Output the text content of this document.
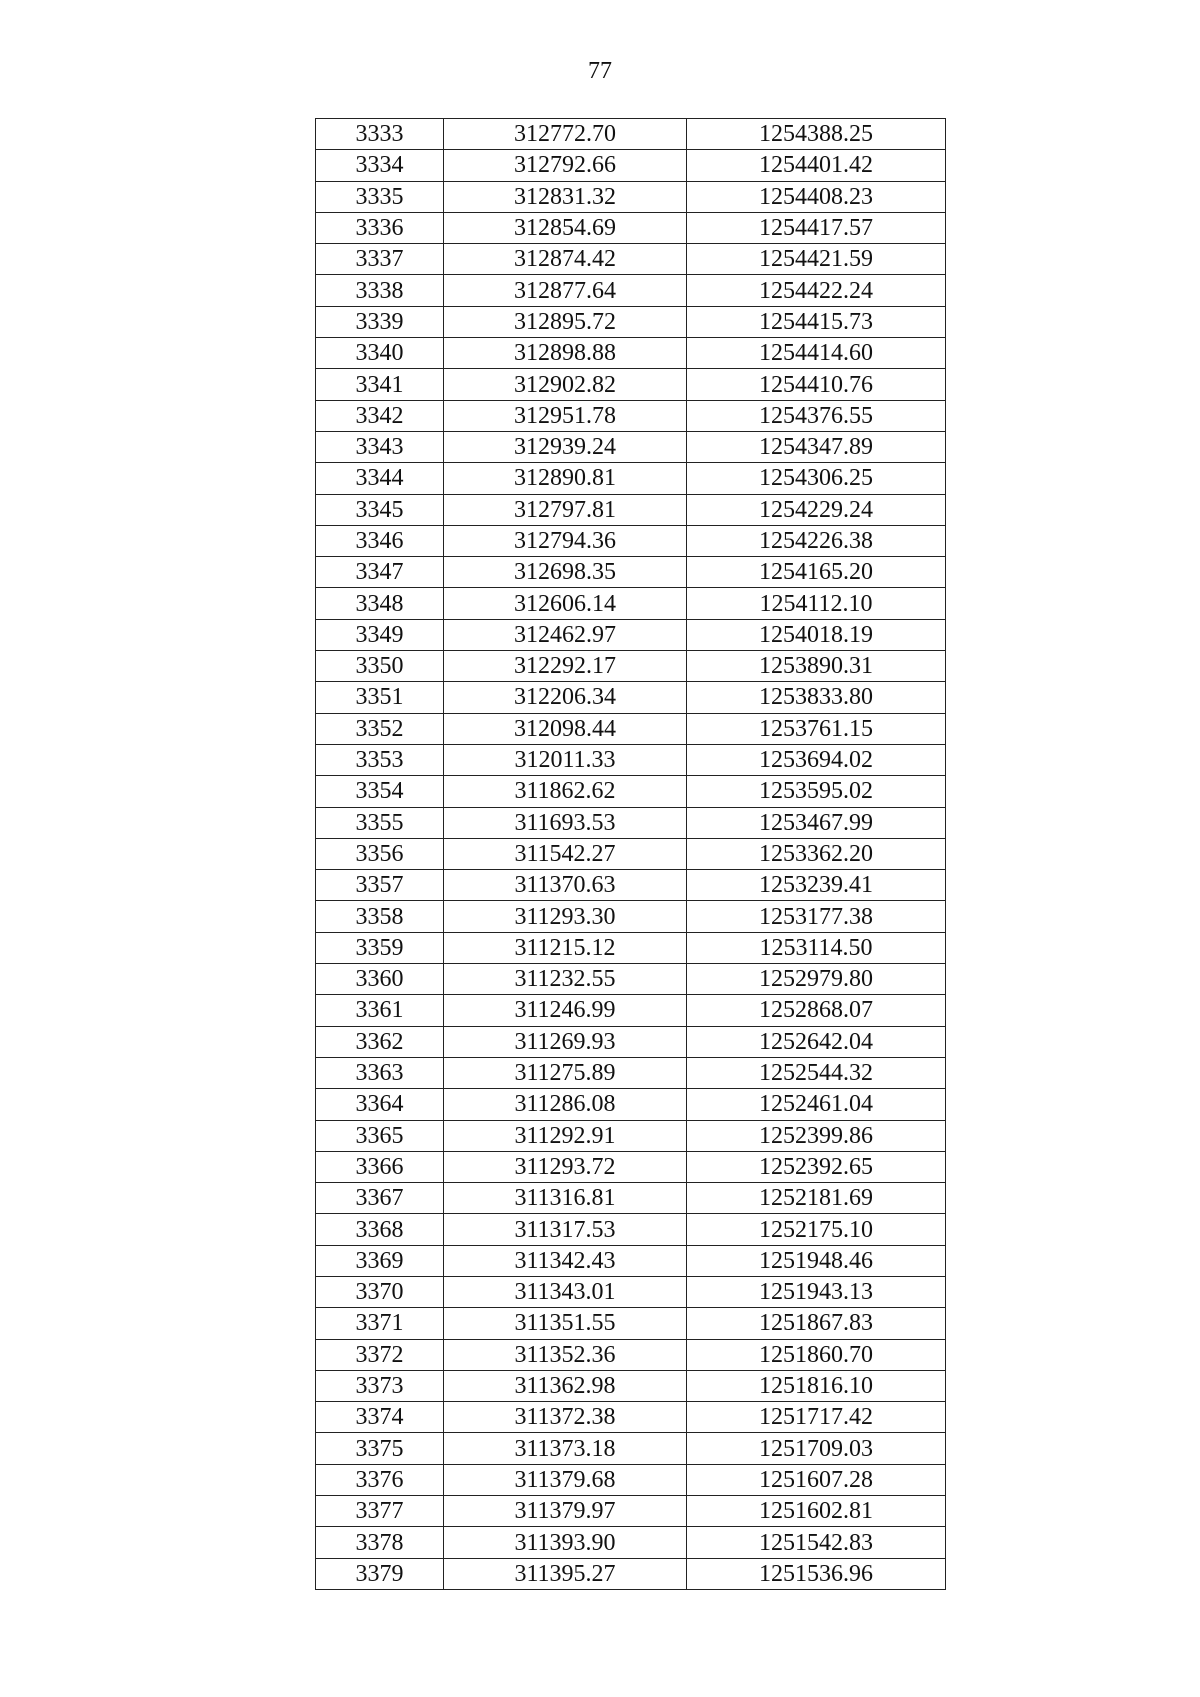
77
3333	312772.70	1254388.25
3334	312792.66	1254401.42
3335	312831.32	1254408.23
3336	312854.69	1254417.57
3337	312874.42	1254421.59
3338	312877.64	1254422.24
3339	312895.72	1254415.73
3340	312898.88	1254414.60
3341	312902.82	1254410.76
3342	312951.78	1254376.55
3343	312939.24	1254347.89
3344	312890.81	1254306.25
3345	312797.81	1254229.24
3346	312794.36	1254226.38
3347	312698.35	1254165.20
3348	312606.14	1254112.10
3349	312462.97	1254018.19
3350	312292.17	1253890.31
3351	312206.34	1253833.80
3352	312098.44	1253761.15
3353	312011.33	1253694.02
3354	311862.62	1253595.02
3355	311693.53	1253467.99
3356	311542.27	1253362.20
3357	311370.63	1253239.41
3358	311293.30	1253177.38
3359	311215.12	1253114.50
3360	311232.55	1252979.80
3361	311246.99	1252868.07
3362	311269.93	1252642.04
3363	311275.89	1252544.32
3364	311286.08	1252461.04
3365	311292.91	1252399.86
3366	311293.72	1252392.65
3367	311316.81	1252181.69
3368	311317.53	1252175.10
3369	311342.43	1251948.46
3370	311343.01	1251943.13
3371	311351.55	1251867.83
3372	311352.36	1251860.70
3373	311362.98	1251816.10
3374	311372.38	1251717.42
3375	311373.18	1251709.03
3376	311379.68	1251607.28
3377	311379.97	1251602.81
3378	311393.90	1251542.83
3379	311395.27	1251536.96
